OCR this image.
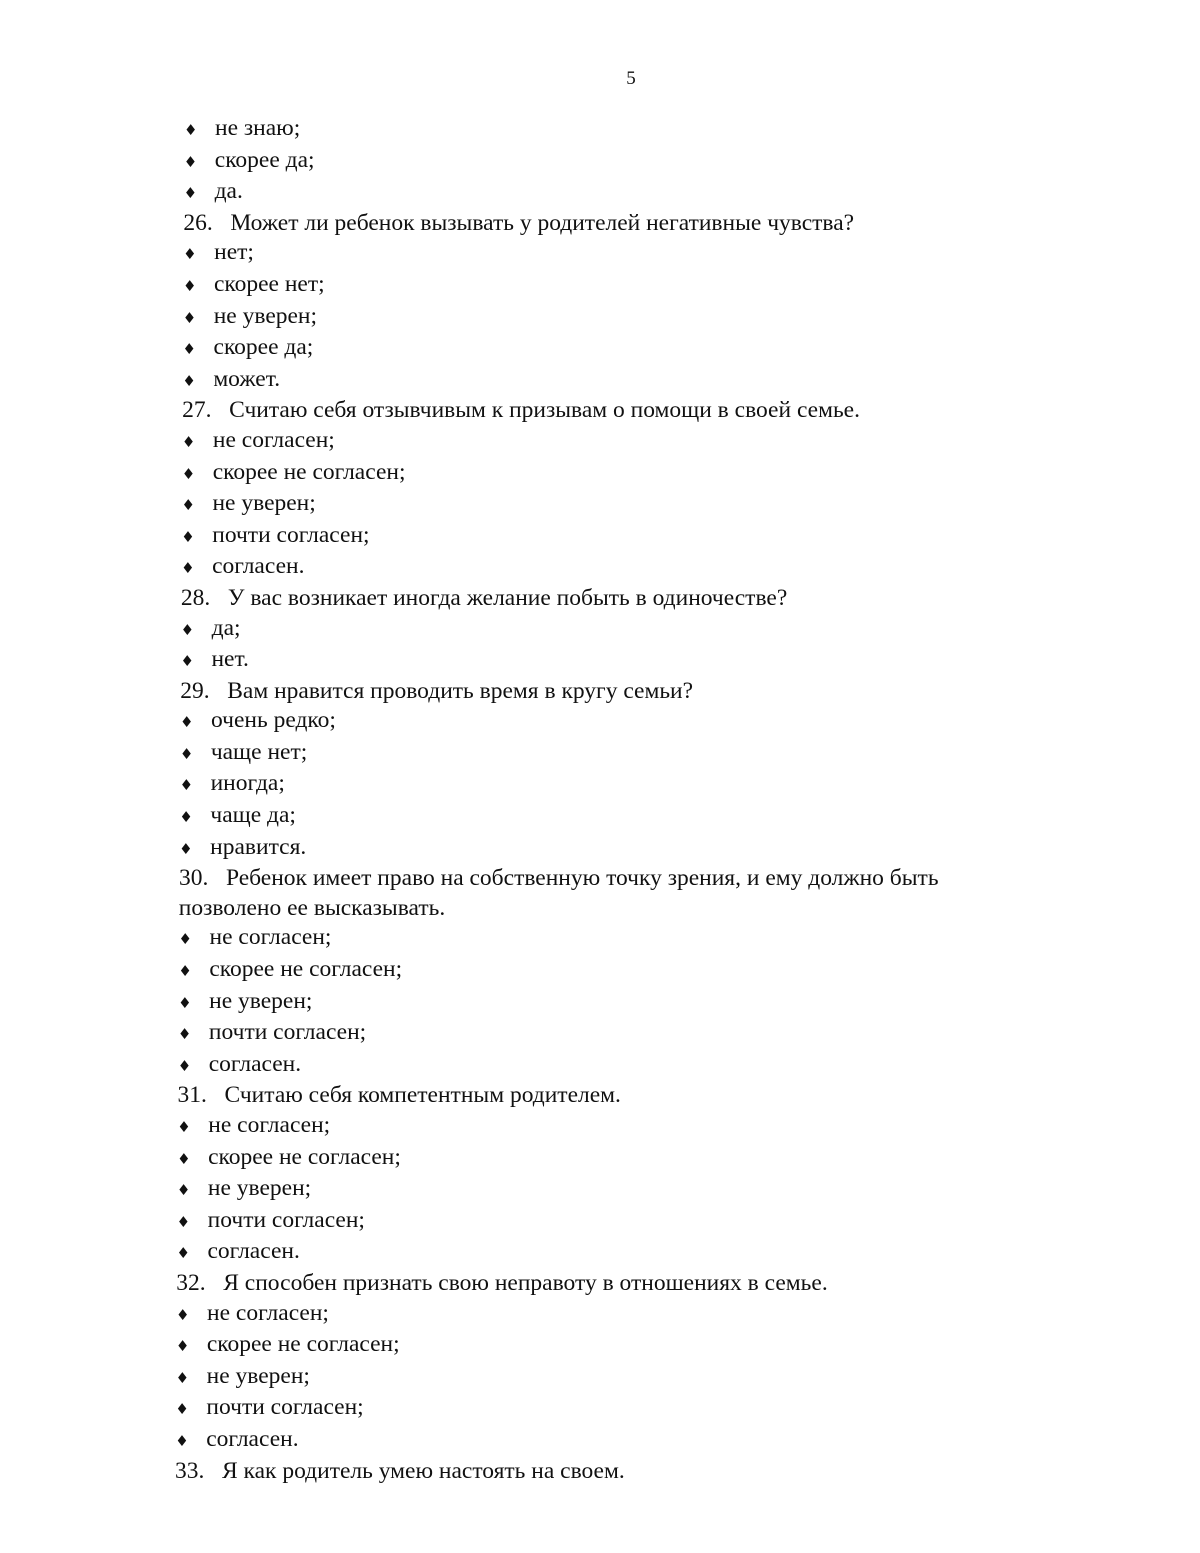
5
♦ не знаю;
♦ скорее да;
♦ да.
26. Может ли ребенок вызывать у родителей негативные чувства?
♦ нет;
♦ скорее нет;
♦ не уверен;
♦ скорее да;
♦ может.
27. Считаю себя отзывчивым к призывам о помощи в своей семье.
♦ не согласен;
♦ скорее не согласен;
♦ не уверен;
♦ почти согласен;
♦ согласен.
28. У вас возникает иногда желание побыть в одиночестве?
♦ да;
♦ нет.
29. Вам нравится проводить время в кругу семьи?
♦ очень редко;
♦ чаще нет;
♦ иногда;
♦ чаще да;
♦ нравится.
30. Ребенок имеет право на собственную точку зрения, и ему должно быть
позволено ее высказывать.
♦ не согласен;
♦ скорее не согласен;
♦ не уверен;
♦ почти согласен;
♦ согласен.
31. Считаю себя компетентным родителем.
♦ не согласен;
♦ скорее не согласен;
♦ не уверен;
♦ почти согласен;
♦ согласен.
32. Я способен признать свою неправоту в отношениях в семье.
♦ не согласен;
♦ скорее не согласен;
♦ не уверен;
♦ почти согласен;
♦ согласен.
33. Я как родитель умею настоять на своем.
